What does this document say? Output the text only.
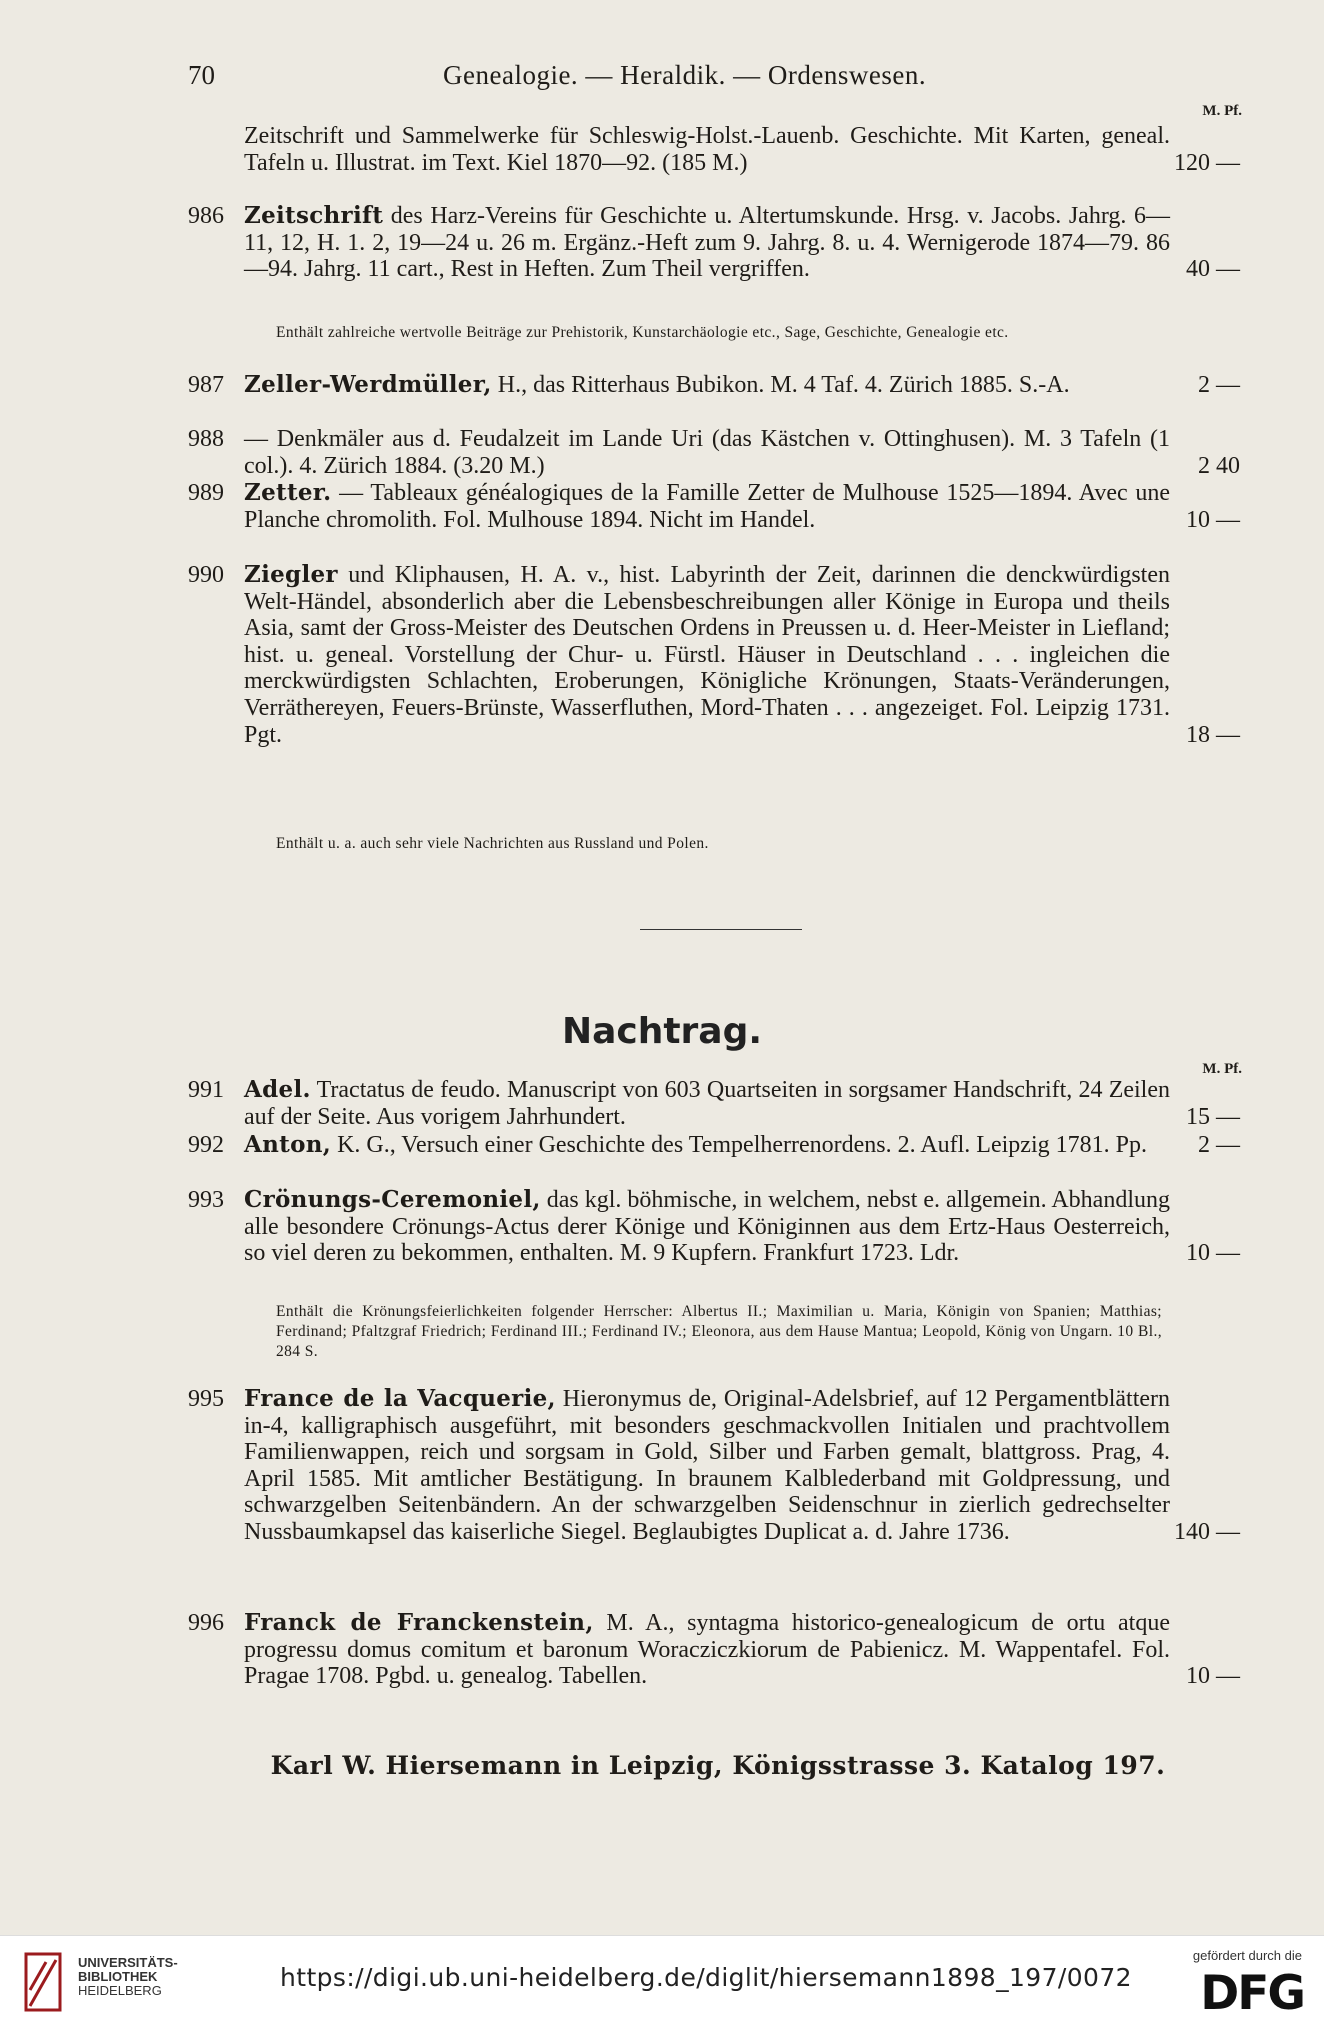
70	Genealogie. — Heraldik. — Ordenswesen.
M. Pf.
Zeitschrift und Sammelwerke für Schleswig-Holst.-Lauenb. Geschichte. Mit Karten, geneal. Tafeln u. Illustrat. im Text. Kiel 1870—92. (185 M.)	120 —
986 Zeitschrift des Harz-Vereins für Geschichte u. Altertumskunde. Hrsg. v. Jacobs. Jahrg. 6—11, 12, H. 1. 2, 19—24 u. 26 m. Ergänz.-Heft zum 9. Jahrg. 8. u. 4. Wernigerode 1874—79. 86—94. Jahrg. 11 cart., Rest in Heften. Zum Theil vergriffen.	40 —
Enthält zahlreiche wertvolle Beiträge zur Prehistorik, Kunstarchäologie etc., Sage, Geschichte, Genealogie etc.
987 Zeller-Werdmüller, H., das Ritterhaus Bubikon. M. 4 Taf. 4. Zürich 1885. S.-A.	2 —
988 — Denkmäler aus d. Feudalzeit im Lande Uri (das Kästchen v. Ottinghusen). M. 3 Tafeln (1 col.). 4. Zürich 1884. (3.20 M.)	2 40
989 Zetter. — Tableaux généalogiques de la Famille Zetter de Mulhouse 1525—1894. Avec une Planche chromolith. Fol. Mulhouse 1894. Nicht im Handel.	10 —
990 Ziegler und Kliphausen, H. A. v., hist. Labyrinth der Zeit, darinnen die denckwürdigsten Welt-Händel, absonderlich aber die Lebensbeschreibungen aller Könige in Europa und theils Asia, samt der Gross-Meister des Deutschen Ordens in Preussen u. d. Heer-Meister in Liefland; hist. u. geneal. Vorstellung der Chur- u. Fürstl. Häuser in Deutschland . . . ingleichen die merckwürdigsten Schlachten, Eroberungen, Königliche Krönungen, Staats-Veränderungen, Verräthereyen, Feuers-Brünste, Wasserfluthen, Mord-Thaten . . . angezeiget. Fol. Leipzig 1731. Pgt.	18 —
Enthält u. a. auch sehr viele Nachrichten aus Russland und Polen.
Nachtrag.
M. Pf.
991 Adel. Tractatus de feudo. Manuscript von 603 Quartseiten in sorgsamer Handschrift, 24 Zeilen auf der Seite. Aus vorigem Jahrhundert.	15 —
992 Anton, K. G., Versuch einer Geschichte des Tempelherrenordens. 2. Aufl. Leipzig 1781. Pp.	2 —
993 Crönungs-Ceremoniel, das kgl. böhmische, in welchem, nebst e. allgemein. Abhandlung alle besondere Crönungs-Actus derer Könige und Königinnen aus dem Ertz-Haus Oesterreich, so viel deren zu bekommen, enthalten. M. 9 Kupfern. Frankfurt 1723. Ldr.	10 —
Enthält die Krönungsfeierlichkeiten folgender Herrscher: Albertus II.; Maximilian u. Maria, Königin von Spanien; Matthias; Ferdinand; Pfaltzgraf Friedrich; Ferdinand III.; Ferdinand IV.; Eleonora, aus dem Hause Mantua; Leopold, König von Ungarn. 10 Bl., 284 S.
995 France de la Vacquerie, Hieronymus de, Original-Adelsbrief, auf 12 Pergamentblättern in-4, kalligraphisch ausgeführt, mit besonders geschmackvollen Initialen und prachtvollem Familienwappen, reich und sorgsam in Gold, Silber und Farben gemalt, blattgross. Prag, 4. April 1585. Mit amtlicher Bestätigung. In braunem Kalblederband mit Goldpressung, und schwarzgelben Seitenbändern. An der schwarzgelben Seidenschnur in zierlich gedrechselter Nussbaumkapsel das kaiserliche Siegel. Beglaubigtes Duplicat a. d. Jahre 1736.	140 —
996 Franck de Franckenstein, M. A., syntagma historico-genealogicum de ortu atque progressu domus comitum et baronum Woracziczkiorum de Pabienicz. M. Wappentafel. Fol. Pragae 1708. Pgbd. u. genealog. Tabellen.	10 —
Karl W. Hiersemann in Leipzig, Königsstrasse 3. Katalog 197.
UNIVERSITÄTS-
BIBLIOTHEK
HEIDELBERG	https://digi.ub.uni-heidelberg.de/diglit/hiersemann1898_197/0072
gefördert durch die
DFG
